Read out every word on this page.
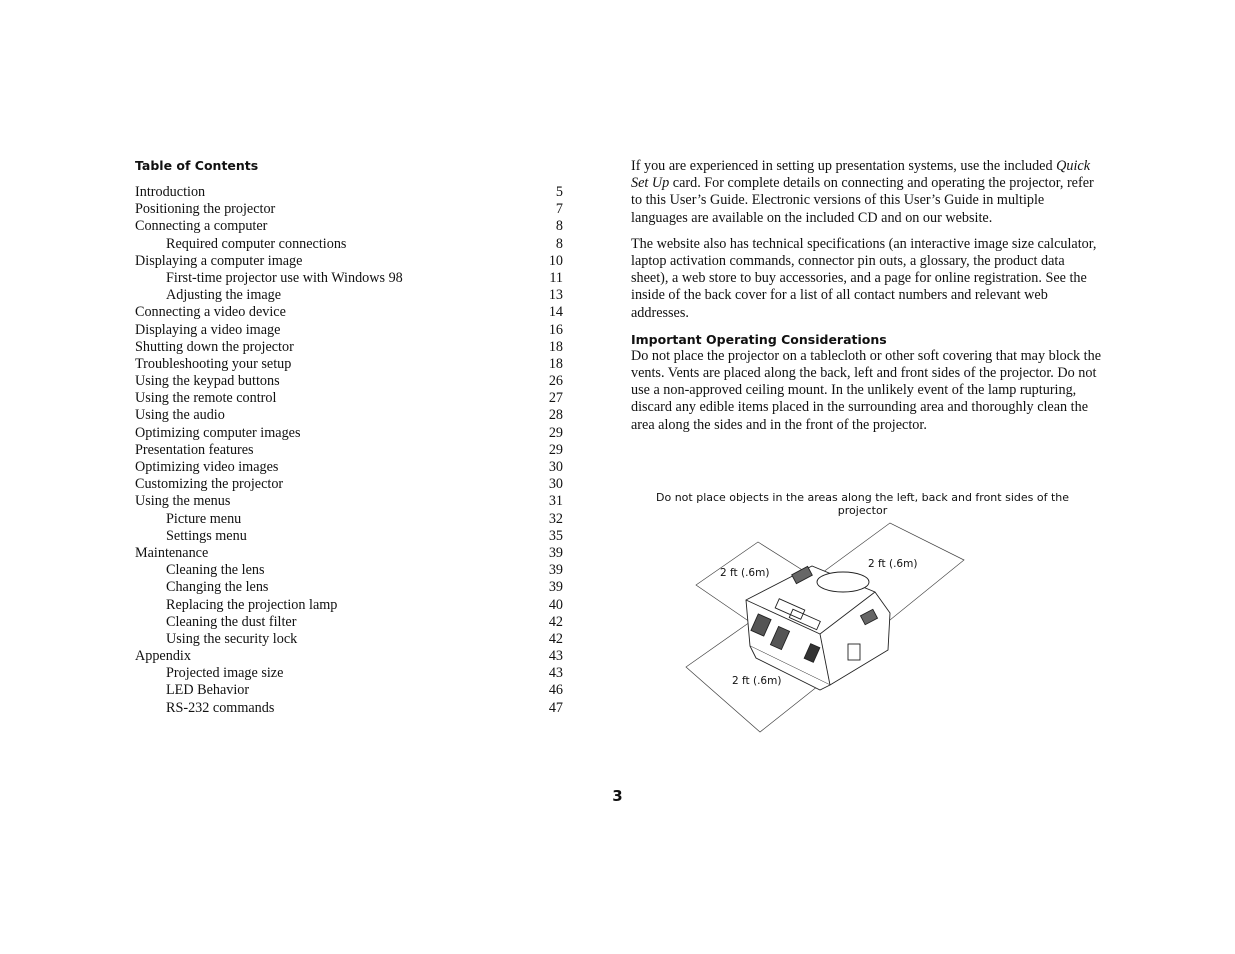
Table of Contents
Introduction	5
Positioning the projector	7
Connecting a computer	8
Required computer connections	8
Displaying a computer image	10
First-time projector use with Windows 98	11
Adjusting the image	13
Connecting a video device	14
Displaying a video image	16
Shutting down the projector	18
Troubleshooting your setup	18
Using the keypad buttons	26
Using the remote control	27
Using the audio	28
Optimizing computer images	29
Presentation features	29
Optimizing video images	30
Customizing the projector	30
Using the menus	31
Picture menu	32
Settings menu	35
Maintenance	39
Cleaning the lens	39
Changing the lens	39
Replacing the projection lamp	40
Cleaning the dust filter	42
Using the security lock	42
Appendix	43
Projected image size	43
LED Behavior	46
RS-232 commands	47

If you are experienced in setting up presentation systems, use the included Quick Set Up card. For complete details on connecting and operating the projector, refer to this User’s Guide. Electronic versions of this User’s Guide in multiple languages are available on the included CD and on our website.

The website also has technical specifications (an interactive image size calculator, laptop activation commands, connector pin outs, a glossary, the product data sheet), a web store to buy accessories, and a page for online registration. See the inside of the back cover for a list of all contact numbers and relevant web addresses.

Important Operating Considerations

Do not place the projector on a tablecloth or other soft covering that may block the vents. Vents are placed along the back, left and front sides of the projector. Do not use a non-approved ceiling mount. In the unlikely event of the lamp rupturing, discard any edible items placed in the surrounding area and thoroughly clean the area along the sides and in the front of the projector.

Do not place objects in the areas along the left, back and front sides of the projector
2 ft (.6m)
2 ft (.6m)
2 ft (.6m)
3
